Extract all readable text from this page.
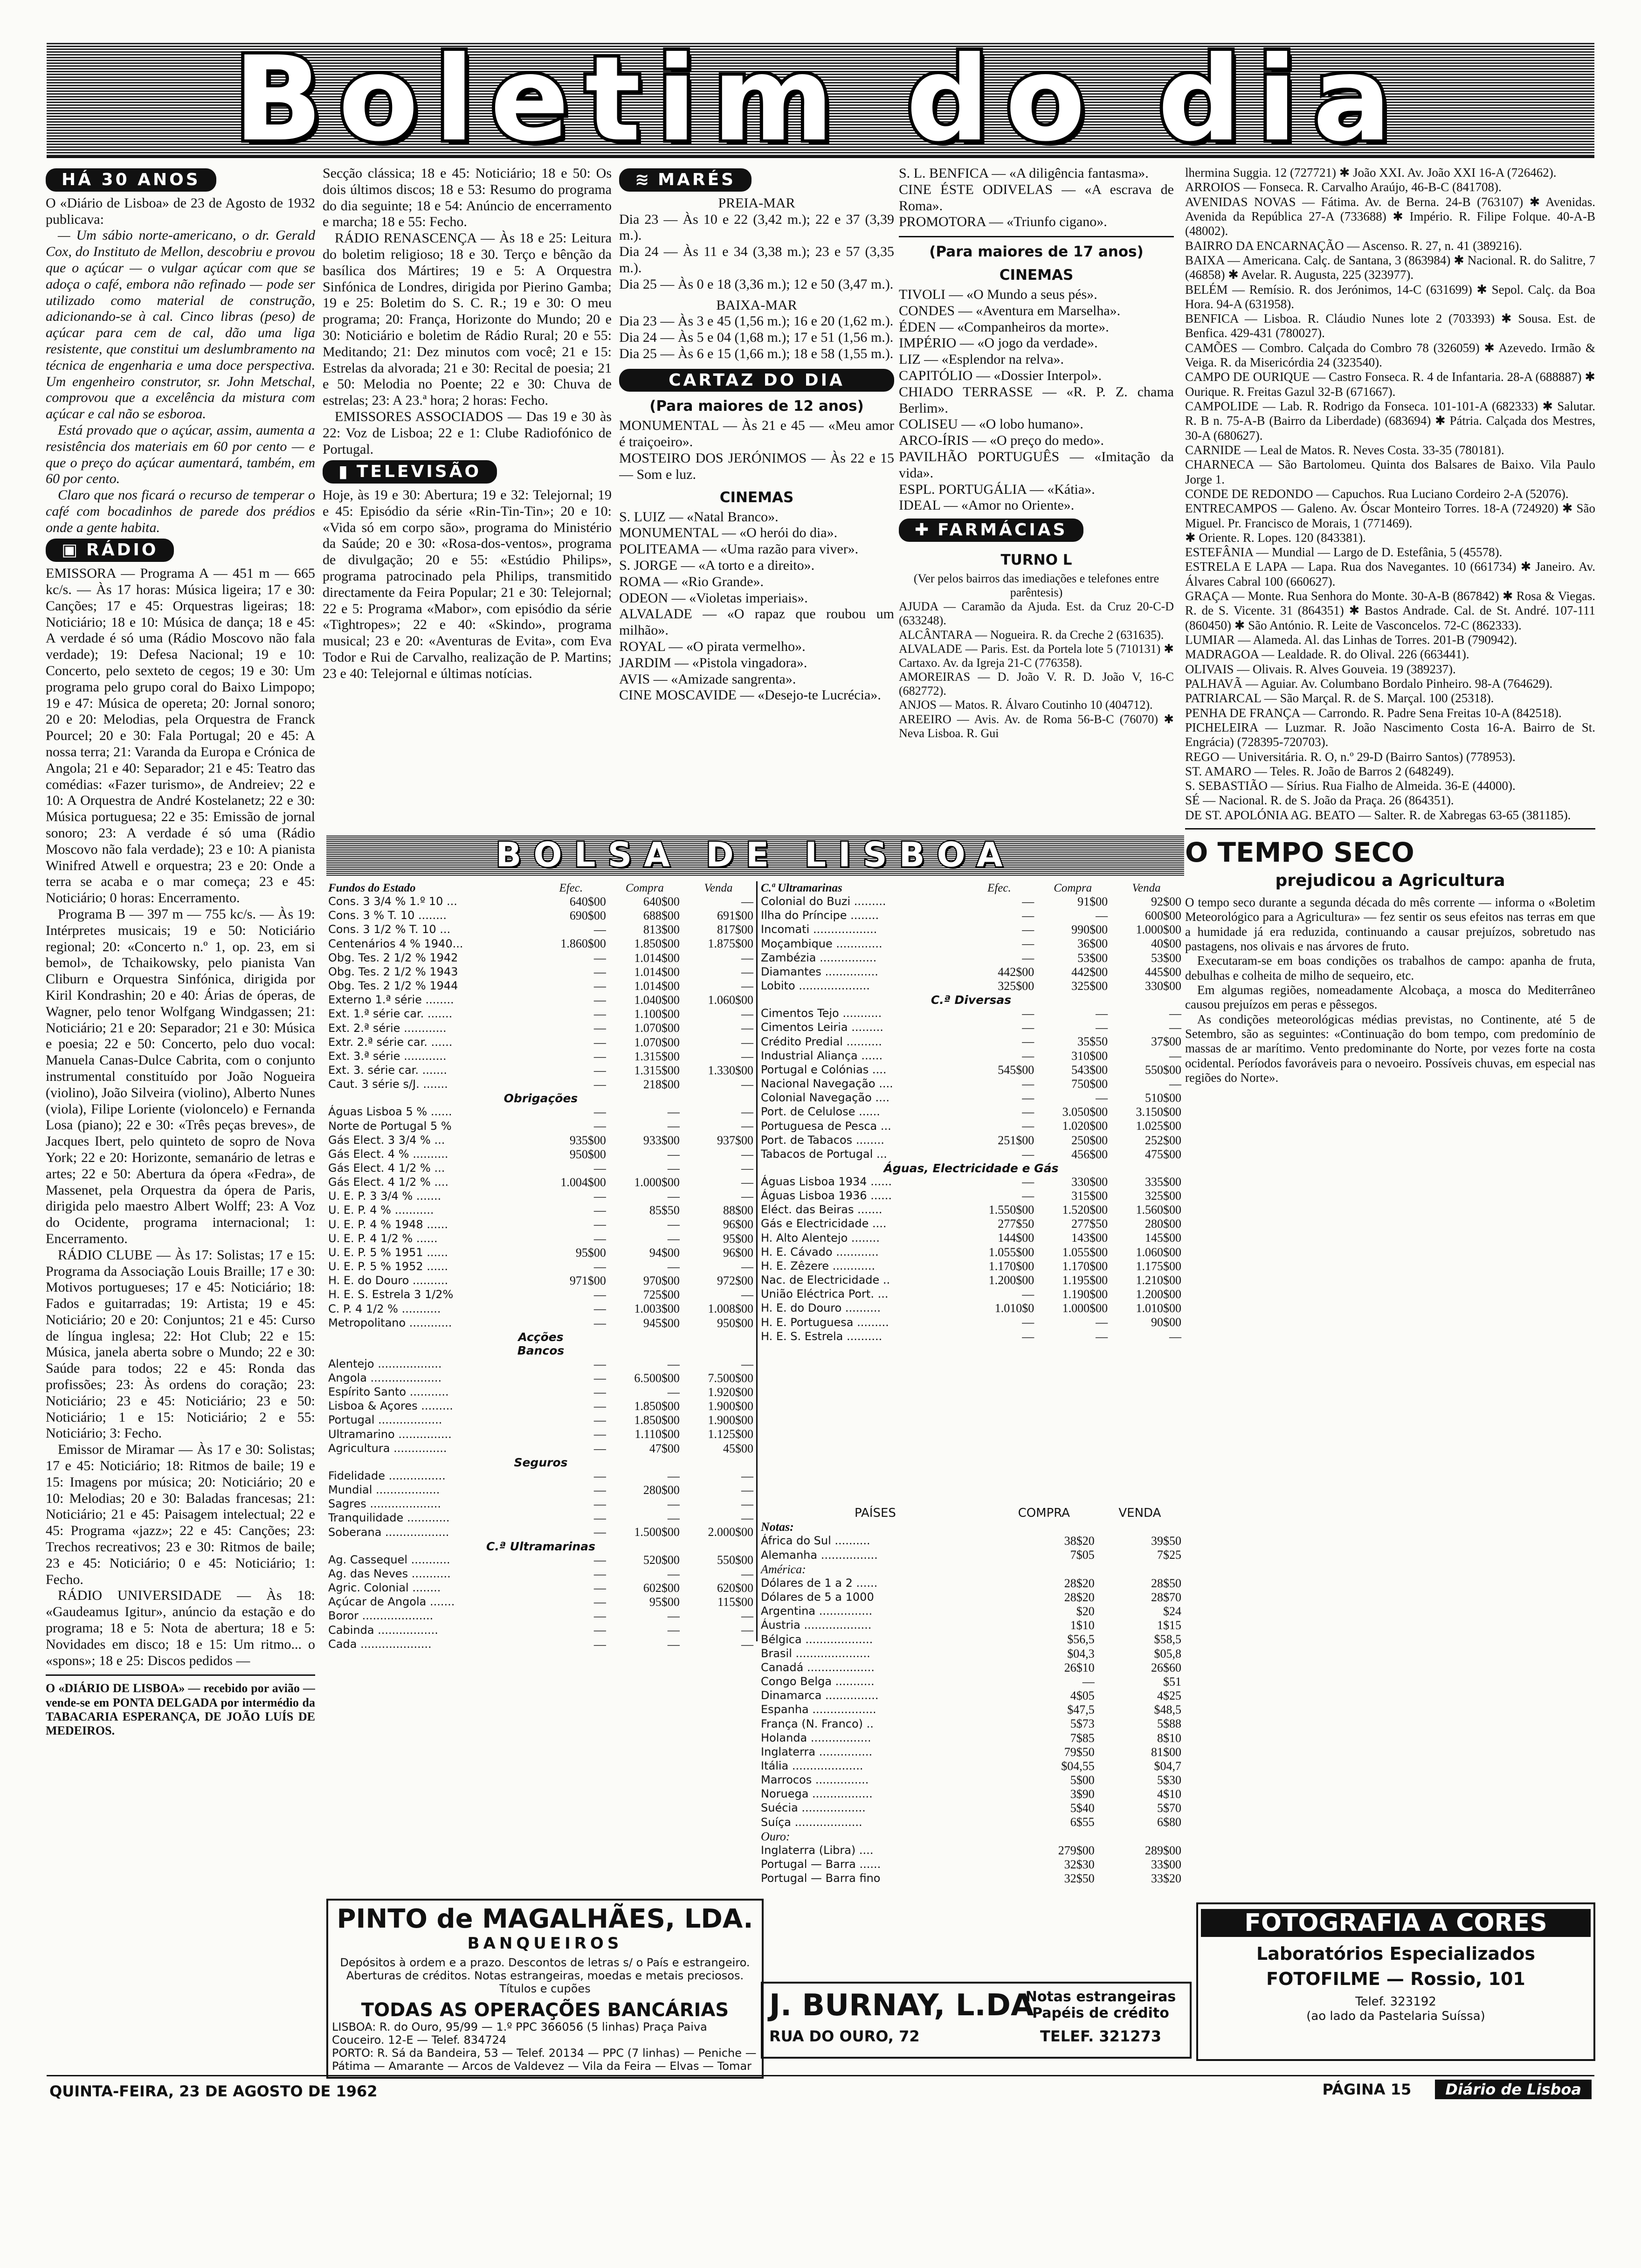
Boletim do dia
HÁ 30 ANOS

O «Diário de Lisboa» de 23 de Agosto de 1932 publicava:

— Um sábio norte-americano, o dr. Gerald Cox, do Instituto de Mellon, descobriu e provou que o açúcar — o vulgar açúcar com que se adoça o café, embora não refinado — pode ser utilizado como material de construção, adicionando-se à cal. Cinco libras (peso) de açúcar para cem de cal, dão uma liga resistente, que constitui um deslumbramento na técnica de engenharia e uma doce perspectiva. Um engenheiro construtor, sr. John Metschal, comprovou que a excelência da mistura com açúcar e cal não se esboroa.

Está provado que o açúcar, assim, aumenta a resistência dos materiais em 60 por cento — e que o preço do açúcar aumentará, também, em 60 por cento.

Claro que nos ficará o recurso de temperar o café com bocadinhos de parede dos prédios onde a gente habita.

▣ RÁDIO

EMISSORA — Programa A — 451 m — 665 kc/s. — Às 17 horas: Música ligeira; 17 e 30: Canções; 17 e 45: Orquestras ligeiras; 18: Noticiário; 18 e 10: Música de dança; 18 e 45: A verdade é só uma (Rádio Moscovo não fala verdade); 19: Defesa Nacional; 19 e 10: Concerto, pelo sexteto de cegos; 19 e 30: Um programa pelo grupo coral do Baixo Limpopo; 19 e 47: Música de opereta; 20: Jornal sonoro; 20 e 20: Melodias, pela Orquestra de Franck Pourcel; 20 e 30: Fala Portugal; 20 e 45: A nossa terra; 21: Varanda da Europa e Crónica de Angola; 21 e 40: Separador; 21 e 45: Teatro das comédias: «Fazer turismo», de Andreiev; 22 e 10: A Orquestra de André Kostelanetz; 22 e 30: Música portuguesa; 22 e 35: Emissão de jornal sonoro; 23: A verdade é só uma (Rádio Moscovo não fala verdade); 23 e 10: A pianista Winifred Atwell e orquestra; 23 e 20: Onde a terra se acaba e o mar começa; 23 e 45: Noticiário; 0 horas: Encerramento.

Programa B — 397 m — 755 kc/s. — Às 19: Intérpretes musicais; 19 e 50: Noticiário regional; 20: «Concerto n.º 1, op. 23, em si bemol», de Tchaikowsky, pelo pianista Van Cliburn e Orquestra Sinfónica, dirigida por Kiril Kondrashin; 20 e 40: Árias de óperas, de Wagner, pelo tenor Wolfgang Windgassen; 21: Noticiário; 21 e 20: Separador; 21 e 30: Música e poesia; 22 e 50: Concerto, pelo duo vocal: Manuela Canas-Dulce Cabrita, com o conjunto instrumental constituído por João Nogueira (violino), João Silveira (violino), Alberto Nunes (viola), Filipe Loriente (violoncelo) e Fernanda Losa (piano); 22 e 30: «Três peças breves», de Jacques Ibert, pelo quinteto de sopro de Nova York; 22 e 20: Horizonte, semanário de letras e artes; 22 e 50: Abertura da ópera «Fedra», de Massenet, pela Orquestra da ópera de Paris, dirigida pelo maestro Albert Wolff; 23: A Voz do Ocidente, programa internacional; 1: Encerramento.

RÁDIO CLUBE — Às 17: Solistas; 17 e 15: Programa da Associação Louis Braille; 17 e 30: Motivos portugueses; 17 e 45: Noticiário; 18: Fados e guitarradas; 19: Artista; 19 e 45: Noticiário; 20 e 20: Conjuntos; 21 e 45: Curso de língua inglesa; 22: Hot Club; 22 e 15: Música, janela aberta sobre o Mundo; 22 e 30: Saúde para todos; 22 e 45: Ronda das profissões; 23: Às ordens do coração; 23: Noticiário; 23 e 45: Noticiário; 23 e 50: Noticiário; 1 e 15: Noticiário; 2 e 55: Noticiário; 3: Fecho.

Emissor de Miramar — Às 17 e 30: Solistas; 17 e 45: Noticiário; 18: Ritmos de baile; 19 e 15: Imagens por música; 20: Noticiário; 20 e 10: Melodias; 20 e 30: Baladas francesas; 21: Noticiário; 21 e 45: Paisagem intelectual; 22 e 45: Programa «jazz»; 22 e 45: Canções; 23: Trechos recreativos; 23 e 30: Ritmos de baile; 23 e 45: Noticiário; 0 e 45: Noticiário; 1: Fecho.

RÁDIO UNIVERSIDADE — Às 18: «Gaudeamus Igitur», anúncio da estação e do programa; 18 e 5: Nota de abertura; 18 e 5: Novidades em disco; 18 e 15: Um ritmo... o «spons»; 18 e 25: Discos pedidos —

O «DIÁRIO DE LISBOA» — recebido por avião — vende-se em PONTA DELGADA por intermédio da TABACARIA ESPERANÇA, DE JOÃO LUÍS DE MEDEIROS.

Secção clássica; 18 e 45: Noticiário; 18 e 50: Os dois últimos discos; 18 e 53: Resumo do programa do dia seguinte; 18 e 54: Anúncio de encerramento e marcha; 18 e 55: Fecho.

RÁDIO RENASCENÇA — Às 18 e 25: Leitura do boletim religioso; 18 e 30. Terço e bênção da basílica dos Mártires; 19 e 5: A Orquestra Sinfónica de Londres, dirigida por Pierino Gamba; 19 e 25: Boletim do S. C. R.; 19 e 30: O meu programa; 20: França, Horizonte do Mundo; 20 e 30: Noticiário e boletim de Rádio Rural; 20 e 55: Meditando; 21: Dez minutos com você; 21 e 15: Estrelas da alvorada; 21 e 30: Recital de poesia; 21 e 50: Melodia no Poente; 22 e 30: Chuva de estrelas; 23: A 23.ª hora; 2 horas: Fecho.

EMISSORES ASSOCIADOS — Das 19 e 30 às 22: Voz de Lisboa; 22 e 1: Clube Radiofónico de Portugal.

▮ TELEVISÃO

Hoje, às 19 e 30: Abertura; 19 e 32: Telejornal; 19 e 45: Episódio da série «Rin-Tin-Tin»; 20 e 10: «Vida só em corpo são», programa do Ministério da Saúde; 20 e 30: «Rosa-dos-ventos», programa de divulgação; 20 e 55: «Estúdio Philips», programa patrocinado pela Philips, transmitido directamente da Feira Popular; 21 e 30: Telejornal; 22 e 5: Programa «Mabor», com episódio da série «Tightropes»; 22 e 40: «Skindo», programa musical; 23 e 20: «Aventuras de Evita», com Eva Todor e Rui de Carvalho, realização de P. Martins; 23 e 40: Telejornal e últimas notícias.

≋ MARÉS
PREIA-MAR

Dia 23 — Às 10 e 22 (3,42 m.); 22 e 37 (3,39 m.).

Dia 24 — Às 11 e 34 (3,38 m.); 23 e 57 (3,35 m.).

Dia 25 — Às 0 e 18 (3,36 m.); 12 e 50 (3,47 m.).

BAIXA-MAR

Dia 23 — Às 3 e 45 (1,56 m.); 16 e 20 (1,62 m.).

Dia 24 — Às 5 e 04 (1,68 m.); 17 e 51 (1,56 m.).

Dia 25 — Às 6 e 15 (1,66 m.); 18 e 58 (1,55 m.).

CARTAZ DO DIA
(Para maiores de 12 anos)

MONUMENTAL — Às 21 e 45 — «Meu amor é traiçoeiro».

MOSTEIRO DOS JERÓNIMOS — Às 22 e 15 — Som e luz.

CINEMAS

S. LUIZ — «Natal Branco».

MONUMENTAL — «O herói do dia».

POLITEAMA — «Uma razão para viver».

S. JORGE — «A torto e a direito».

ROMA — «Rio Grande».

ODEON — «Violetas imperiais».

ALVALADE — «O rapaz que roubou um milhão».

ROYAL — «O pirata vermelho».

JARDIM — «Pistola vingadora».

AVIS — «Amizade sangrenta».

CINE MOSCAVIDE — «Desejo-te Lucrécia».

S. L. BENFICA — «A diligência fantasma».

CINE ÉSTE ODIVELAS — «A escrava de Roma».

PROMOTORA — «Triunfo cigano».

(Para maiores de 17 anos)
CINEMAS

TIVOLI — «O Mundo a seus pés».

CONDES — «Aventura em Marselha».

ÉDEN — «Companheiros da morte».

IMPÉRIO — «O jogo da verdade».

LIZ — «Esplendor na relva».

CAPITÓLIO — «Dossier Interpol».

CHIADO TERRASSE — «R. P. Z. chama Berlim».

COLISEU — «O lobo humano».

ARCO-ÍRIS — «O preço do medo».

PAVILHÃO PORTUGUÊS — «Imitação da vida».

ESPL. PORTUGÁLIA — «Kátia».

IDEAL — «Amor no Oriente».

✚ FARMÁCIAS
TURNO L

(Ver pelos bairros das imediações e telefones entre parêntesis)

AJUDA — Caramão da Ajuda. Est. da Cruz 20-C-D (633248).

ALCÂNTARA — Nogueira. R. da Creche 2 (631635).

ALVALADE — Paris. Est. da Portela lote 5 (710131) ✱ Cartaxo. Av. da Igreja 21-C (776358).

AMOREIRAS — D. João V. R. D. João V, 16-C (682772).

ANJOS — Matos. R. Álvaro Coutinho 10 (404712).

AREEIRO — Avis. Av. de Roma 56-B-C (76070) ✱ Neva Lisboa. R. Gui

lhermina Suggia. 12 (727721) ✱ João XXI. Av. João XXI 16-A (726462).

ARROIOS — Fonseca. R. Carvalho Araújo, 46-B-C (841708).

AVENIDAS NOVAS — Fátima. Av. de Berna. 24-B (763107) ✱ Avenidas. Avenida da República 27-A (733688) ✱ Império. R. Filipe Folque. 40-A-B (48002).

BAIRRO DA ENCARNAÇÃO — Ascenso. R. 27, n. 41 (389216).

BAIXA — Americana. Calç. de Santana, 3 (863984) ✱ Nacional. R. do Salitre, 7 (46858) ✱ Avelar. R. Augusta, 225 (323977).

BELÉM — Remísio. R. dos Jerónimos, 14-C (631699) ✱ Sepol. Calç. da Boa Hora. 94-A (631958).

BENFICA — Lisboa. R. Cláudio Nunes lote 2 (703393) ✱ Sousa. Est. de Benfica. 429-431 (780027).

CAMÕES — Combro. Calçada do Combro 78 (326059) ✱ Azevedo. Irmão & Veiga. R. da Misericórdia 24 (323540).

CAMPO DE OURIQUE — Castro Fonseca. R. 4 de Infantaria. 28-A (688887) ✱ Ourique. R. Freitas Gazul 32-B (671667).

CAMPOLIDE — Lab. R. Rodrigo da Fonseca. 101-101-A (682333) ✱ Salutar. R. B n. 75-A-B (Bairro da Liberdade) (683694) ✱ Pátria. Calçada dos Mestres, 30-A (680627).

CARNIDE — Leal de Matos. R. Neves Costa. 33-35 (780181).

CHARNECA — São Bartolomeu. Quinta dos Balsares de Baixo. Vila Paulo Jorge 1.

CONDE DE REDONDO — Capuchos. Rua Luciano Cordeiro 2-A (52076).

ENTRECAMPOS — Galeno. Av. Óscar Monteiro Torres. 18-A (724920) ✱ São Miguel. Pr. Francisco de Morais, 1 (771469).

✱ Oriente. R. Lopes. 120 (843381).

ESTEFÂNIA — Mundial — Largo de D. Estefânia, 5 (45578).

ESTRELA E LAPA — Lapa. Rua dos Navegantes. 10 (661734) ✱ Janeiro. Av. Álvares Cabral 100 (660627).

GRAÇA — Monte. Rua Senhora do Monte. 30-A-B (867842) ✱ Rosa & Viegas. R. de S. Vicente. 31 (864351) ✱ Bastos Andrade. Cal. de St. André. 107-111 (860450) ✱ São António. R. Leite de Vasconcelos. 72-C (862333).

LUMIAR — Alameda. Al. das Linhas de Torres. 201-B (790942).

MADRAGOA — Lealdade. R. do Olival. 226 (663441).

OLIVAIS — Olivais. R. Alves Gouveia. 19 (389237).

PALHAVÃ — Aguiar. Av. Columbano Bordalo Pinheiro. 98-A (764629).

PATRIARCAL — São Marçal. R. de S. Marçal. 100 (25318).

PENHA DE FRANÇA — Carrondo. R. Padre Sena Freitas 10-A (842518).

PICHELEIRA — Luzmar. R. João Nascimento Costa 16-A. Bairro de St. Engrácia) (728395-720703).

REGO — Universitária. R. O, n.º 29-D (Bairro Santos) (778953).

ST. AMARO — Teles. R. João de Barros 2 (648249).

S. SEBASTIÃO — Sírius. Rua Fialho de Almeida. 36-E (44000).

SÉ — Nacional. R. de S. João da Praça. 26 (864351).

DE ST. APOLÓNIA AG. BEATO — Salter. R. de Xabregas 63-65 (381185).

O TEMPO SECO
prejudicou a Agricultura

O tempo seco durante a segunda década do mês corrente — informa o «Boletim Meteorológico para a Agricultura» — fez sentir os seus efeitos nas terras em que a humidade já era reduzida, continuando a causar prejuízos, sobretudo nas pastagens, nos olivais e nas árvores de fruto.

Executaram-se em boas condições os trabalhos de campo: apanha de fruta, debulhas e colheita de milho de sequeiro, etc.

Em algumas regiões, nomeadamente Alcobaça, a mosca do Mediterrâneo causou prejuízos em peras e pêssegos.

As condições meteorológicas médias previstas, no Continente, até 5 de Setembro, são as seguintes: «Continuação do bom tempo, com predomínio de massas de ar marítimo. Vento predominante do Norte, por vezes forte na costa ocidental. Períodos favoráveis para o nevoeiro. Possíveis chuvas, em especial nas regiões do Norte».

BOLSA DE LISBOA
Fundos do Estado	Efec.	Compra	Venda
Cons. 3 3/4 % 1.º 10 ...	640$00	640$00	—
Cons. 3 % T. 10 ........	690$00	688$00	691$00
Cons. 3 1/2 % T. 10 ...	—	813$00	817$00
Centenários 4 % 1940...	1.860$00	1.850$00	1.875$00
Obg. Tes. 2 1/2 % 1942	—	1.014$00	—
Obg. Tes. 2 1/2 % 1943	—	1.014$00	—
Obg. Tes. 2 1/2 % 1944	—	1.014$00	—
Externo 1.ª série ........	—	1.040$00	1.060$00
Ext. 1.ª série car. .......	—	1.100$00	—
Ext. 2.ª série ............	—	1.070$00	—
Extr. 2.ª série car. ......	—	1.070$00	—
Ext. 3.ª série ............	—	1.315$00	—
Ext. 3. série car. .......	—	1.315$00	1.330$00
Caut. 3 série s/J. .......	—	218$00	—
Obrigações			
Águas Lisboa 5 % ......	—	—	—
Norte de Portugal 5 %	—	—	—
Gás Elect. 3 3/4 % ...	935$00	933$00	937$00
Gás Elect. 4 % ..........	950$00	—	—
Gás Elect. 4 1/2 % ...	—	—	—
Gás Elect. 4 1/2 % ....	1.004$00	1.000$00	—
U. E. P. 3 3/4 % .......	—	—	—
U. E. P. 4 % ...........	—	85$50	88$00
U. E. P. 4 % 1948 ......	—	—	96$00
U. E. P. 4 1/2 % ......	—	—	95$00
U. E. P. 5 % 1951 ......	95$00	94$00	96$00
U. E. P. 5 % 1952 ......	—	—	—
H. E. do Douro ..........	971$00	970$00	972$00
H. E. S. Estrela 3 1/2%	—	725$00	—
C. P. 4 1/2 % ...........	—	1.003$00	1.008$00
Metropolitano ............	—	945$00	950$00
Acções			
Bancos			
Alentejo ..................	—	—	—
Angola ....................	—	6.500$00	7.500$00
Espírito Santo ...........	—	—	1.920$00
Lisboa & Açores .........	—	1.850$00	1.900$00
Portugal ..................	—	1.850$00	1.900$00
Ultramarino ...............	—	1.110$00	1.125$00
Agricultura ...............	—	47$00	45$00
Seguros			
Fidelidade ................	—	—	—
Mundial ..................	—	280$00	—
Sagres ....................	—	—	—
Tranquilidade ............	—	—	—
Soberana ..................	—	1.500$00	2.000$00
C.ª Ultramarinas			
Ag. Cassequel ...........	—	520$00	550$00
Ag. das Neves ...........	—	—	—
Agric. Colonial ........	—	602$00	620$00
Açúcar de Angola .......	—	95$00	115$00
Boror ....................	—	—	—
Cabinda .................	—	—	—
Cada ....................	—	—	—
C.ª Ultramarinas	Efec.	Compra	Venda
Colonial do Buzi .........	—	91$00	92$00
Ilha do Príncipe ........	—	—	600$00
Incomati ..................	—	990$00	1.000$00
Moçambique .............	—	36$00	40$00
Zambézia ................	—	53$00	53$00
Diamantes ...............	442$00	442$00	445$00
Lobito ....................	325$00	325$00	330$00
C.ª Diversas			
Cimentos Tejo ...........	—	—	—
Cimentos Leiria .........	—	—	—
Crédito Predial ..........	—	35$50	37$00
Industrial Aliança ......	—	310$00	—
Portugal e Colónias ....	545$00	543$00	550$00
Nacional Navegação ....	—	750$00	—
Colonial Navegação ....	—	—	510$00
Port. de Celulose ......	—	3.050$00	3.150$00
Portuguesa de Pesca ...	—	1.020$00	1.025$00
Port. de Tabacos ........	251$00	250$00	252$00
Tabacos de Portugal ...	—	456$00	475$00
Águas, Electricidade e Gás			
Águas Lisboa 1934 ......	—	330$00	335$00
Águas Lisboa 1936 ......	—	315$00	325$00
Eléct. das Beiras .......	1.550$00	1.520$00	1.560$00
Gás e Electricidade ....	277$50	277$50	280$00
H. Alto Alentejo ........	144$00	143$00	145$00
H. E. Cávado ............	1.055$00	1.055$00	1.060$00
H. E. Zêzere ............	1.170$00	1.170$00	1.175$00
Nac. de Electricidade ..	1.200$00	1.195$00	1.210$00
União Eléctrica Port. ...	—	1.190$00	1.200$00
H. E. do Douro ..........	1.010$0	1.000$00	1.010$00
H. E. Portuguesa .........	—	—	90$00
H. E. S. Estrela ..........	—	—	—
PAÍSES	COMPRA	VENDA
Notas:		
África do Sul ..........	38$20	39$50
Alemanha ................	7$05	7$25
América:		
Dólares de 1 a 2 ......	28$20	28$50
Dólares de 5 a 1000	28$20	28$70
Argentina ...............	$20	$24
Áustria ...................	1$10	1$15
Bélgica ...................	$56,5	$58,5
Brasil .....................	$04,3	$05,8
Canadá ...................	26$10	26$60
Congo Belga ...........	—	$51
Dinamarca ...............	4$05	4$25
Espanha ..................	$47,5	$48,5
França (N. Franco) ..	5$73	5$88
Holanda .................	7$85	8$10
Inglaterra ...............	79$50	81$00
Itália ....................	$04,55	$04,7
Marrocos ...............	5$00	5$30
Noruega .................	3$90	4$10
Suécia ..................	5$40	5$70
Suíça ...................	6$55	6$80
Ouro:		
Inglaterra (Libra) ....	279$00	289$00
Portugal — Barra ......	32$30	33$00
Portugal — Barra fino	32$50	33$20
PINTO de MAGALHÃES, LDA.
BANQUEIROS
Depósitos à ordem e a prazo. Descontos de letras s/ o País e estrangeiro. Aberturas de créditos. Notas estrangeiras, moedas e metais preciosos. Títulos e cupões
TODAS AS OPERAÇÕES BANCÁRIAS
LISBOA: R. do Ouro, 95/99 — 1.º PPC 366056 (5 linhas) Praça Paiva Couceiro. 12-E — Telef. 834724
PORTO: R. Sá da Bandeira, 53 — Telef. 20134 — PPC (7 linhas) — Peniche — Pátima — Amarante — Arcos de Valdevez — Vila da Feira — Elvas — Tomar
J. BURNAY, L.DA
RUA DO OURO, 72
Notas estrangeiras Papéis de crédito
TELEF. 321273
FOTOGRAFIA A CORES
Laboratórios Especializados
FOTOFILME — Rossio, 101
Telef. 323192
(ao lado da Pastelaria Suíssa)
QUINTA-FEIRA, 23 DE AGOSTO DE 1962	PÁGINA 15 Diário de Lisboa
